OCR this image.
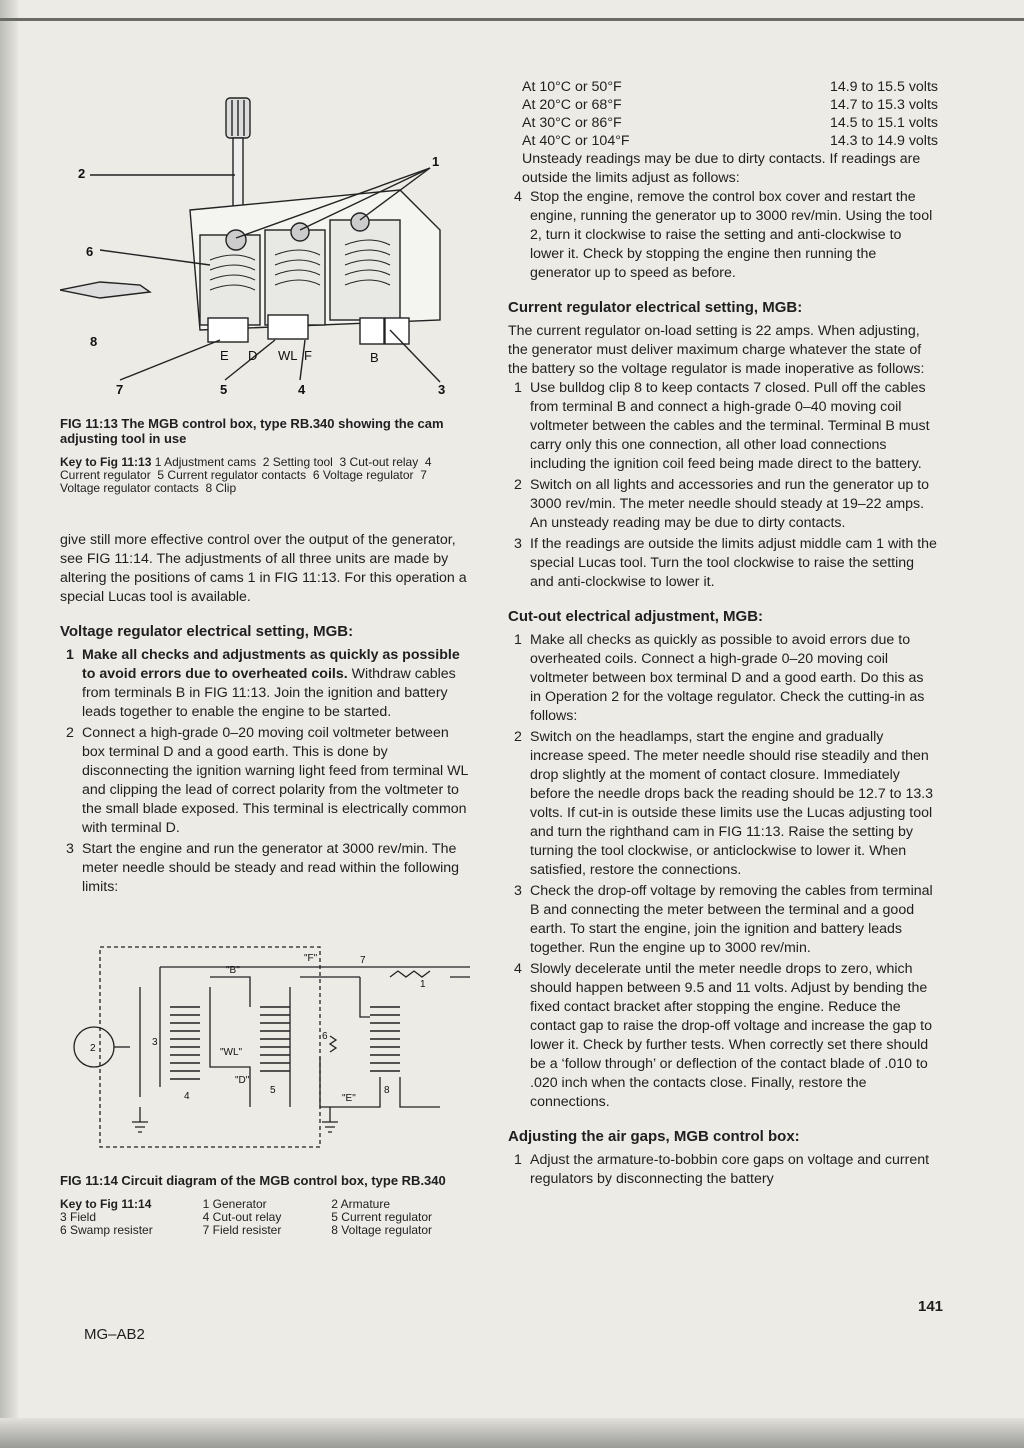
2
1
6
8
7	5	4	3
E D WL F	B
FIG 11:13 The MGB control box, type RB.340 showing the cam adjusting tool in use
Key to Fig 11:13 1 Adjustment cams 2 Setting tool 3 Cut-out relay 4 Current regulator 5 Current regulator contacts 6 Voltage regulator 7 Voltage regulator contacts 8 Clip

give still more effective control over the output of the generator, see FIG 11:14. The adjustments of all three units are made by altering the positions of cams 1 in FIG 11:13. For this operation a special Lucas tool is available.

Voltage regulator electrical setting, MGB:
1 Make all checks and adjustments as quickly as possible to avoid errors due to overheated coils. Withdraw cables from terminals B in FIG 11:13. Join the ignition and battery leads together to enable the engine to be started.
2 Connect a high-grade 0–20 moving coil voltmeter between box terminal D and a good earth. This is done by disconnecting the ignition warning light feed from terminal WL and clipping the lead of correct polarity from the voltmeter to the small blade exposed. This terminal is electrically common with terminal D.
3 Start the engine and run the generator at 3000 rev/min. The meter needle should be steady and read within the following limits:
2
3
4
5
6
7
8
"B"
"F"
"WL"
"D"
"E"
1
FIG 11:14 Circuit diagram of the MGB control box, type RB.340
Key to Fig 11:14	1 Generator	2 Armature
3 Field	4 Cut-out relay	5 Current regulator
6 Swamp resister	7 Field resister	8 Voltage regulator
At 10°C or 50°F	14.9 to 15.5 volts
At 20°C or 68°F	14.7 to 15.3 volts
At 30°C or 86°F	14.5 to 15.1 volts
At 40°C or 104°F	14.3 to 14.9 volts

Unsteady readings may be due to dirty contacts. If readings are outside the limits adjust as follows:

4 Stop the engine, remove the control box cover and restart the engine, running the generator up to 3000 rev/min. Using the tool 2, turn it clockwise to raise the setting and anti-clockwise to lower it. Check by stopping the engine then running the generator up to speed as before.
Current regulator electrical setting, MGB:

The current regulator on-load setting is 22 amps. When adjusting, the generator must deliver maximum charge whatever the state of the battery so the voltage regulator is made inoperative as follows:

1 Use bulldog clip 8 to keep contacts 7 closed. Pull off the cables from terminal B and connect a high-grade 0–40 moving coil voltmeter between the cables and the terminal. Terminal B must carry only this one connection, all other load connections including the ignition coil feed being made direct to the battery.
2 Switch on all lights and accessories and run the generator up to 3000 rev/min. The meter needle should steady at 19–22 amps. An unsteady reading may be due to dirty contacts.
3 If the readings are outside the limits adjust middle cam 1 with the special Lucas tool. Turn the tool clockwise to raise the setting and anti-clockwise to lower it.
Cut-out electrical adjustment, MGB:
1 Make all checks as quickly as possible to avoid errors due to overheated coils. Connect a high-grade 0–20 moving coil voltmeter between box terminal D and a good earth. Do this as in Operation 2 for the voltage regulator. Check the cutting-in as follows:
2 Switch on the headlamps, start the engine and gradually increase speed. The meter needle should rise steadily and then drop slightly at the moment of contact closure. Immediately before the needle drops back the reading should be 12.7 to 13.3 volts. If cut-in is outside these limits use the Lucas adjusting tool and turn the righthand cam in FIG 11:13. Raise the setting by turning the tool clockwise, or anticlockwise to lower it. When satisfied, restore the connections.
3 Check the drop-off voltage by removing the cables from terminal B and connecting the meter between the terminal and a good earth. To start the engine, join the ignition and battery leads together. Run the engine up to 3000 rev/min.
4 Slowly decelerate until the meter needle drops to zero, which should happen between 9.5 and 11 volts. Adjust by bending the fixed contact bracket after stopping the engine. Reduce the contact gap to raise the drop-off voltage and increase the gap to lower it. Check by further tests. When correctly set there should be a ‘follow through’ or deflection of the contact blade of .010 to .020 inch when the contacts close. Finally, restore the connections.
Adjusting the air gaps, MGB control box:
1 Adjust the armature-to-bobbin core gaps on voltage and current regulators by disconnecting the battery
141
MG–AB2
